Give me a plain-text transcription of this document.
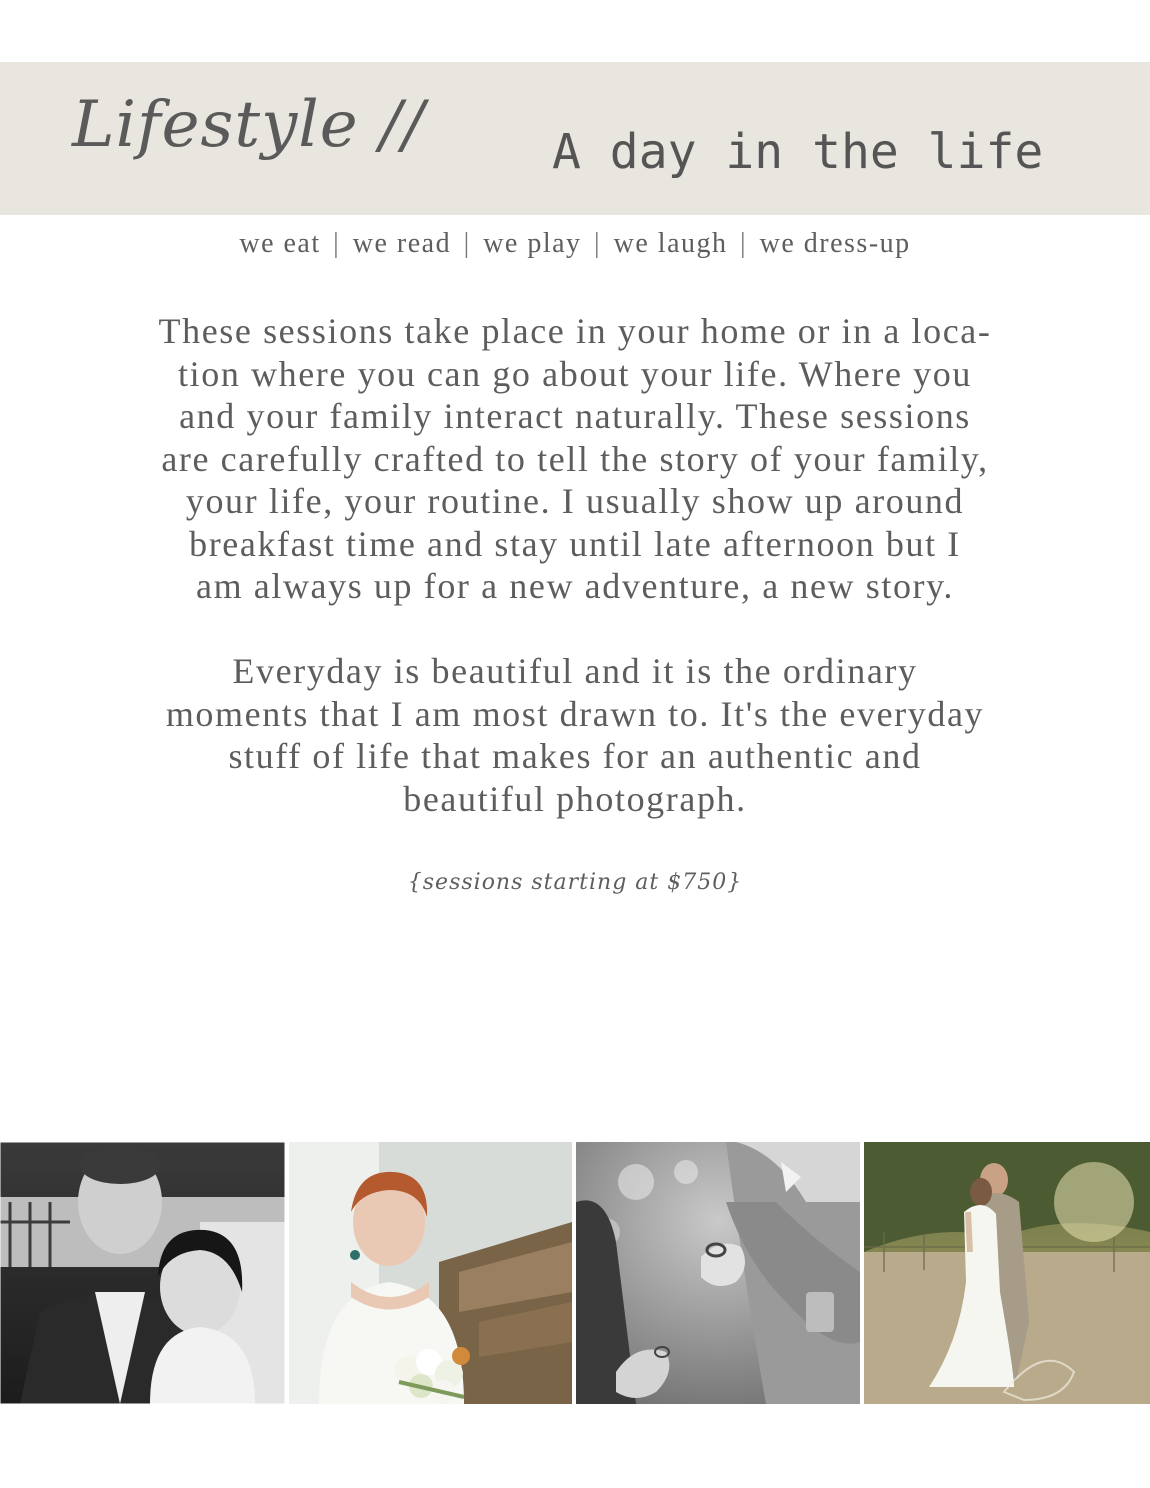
Lifestyle //	A day in the life
we eat | we read | we play | we laugh | we dress-up

These sessions take place in your home or in a loca-
tion where you can go about your life. Where you
and your family interact naturally. These sessions
are carefully crafted to tell the story of your family,
your life, your routine. I usually show up around
breakfast time and stay until late afternoon but I
am always up for a new adventure, a new story.

Everyday is beautiful and it is the ordinary
moments that I am most drawn to. It's the everyday
stuff of life that makes for an authentic and
beautiful photograph.

{sessions starting at $750}
